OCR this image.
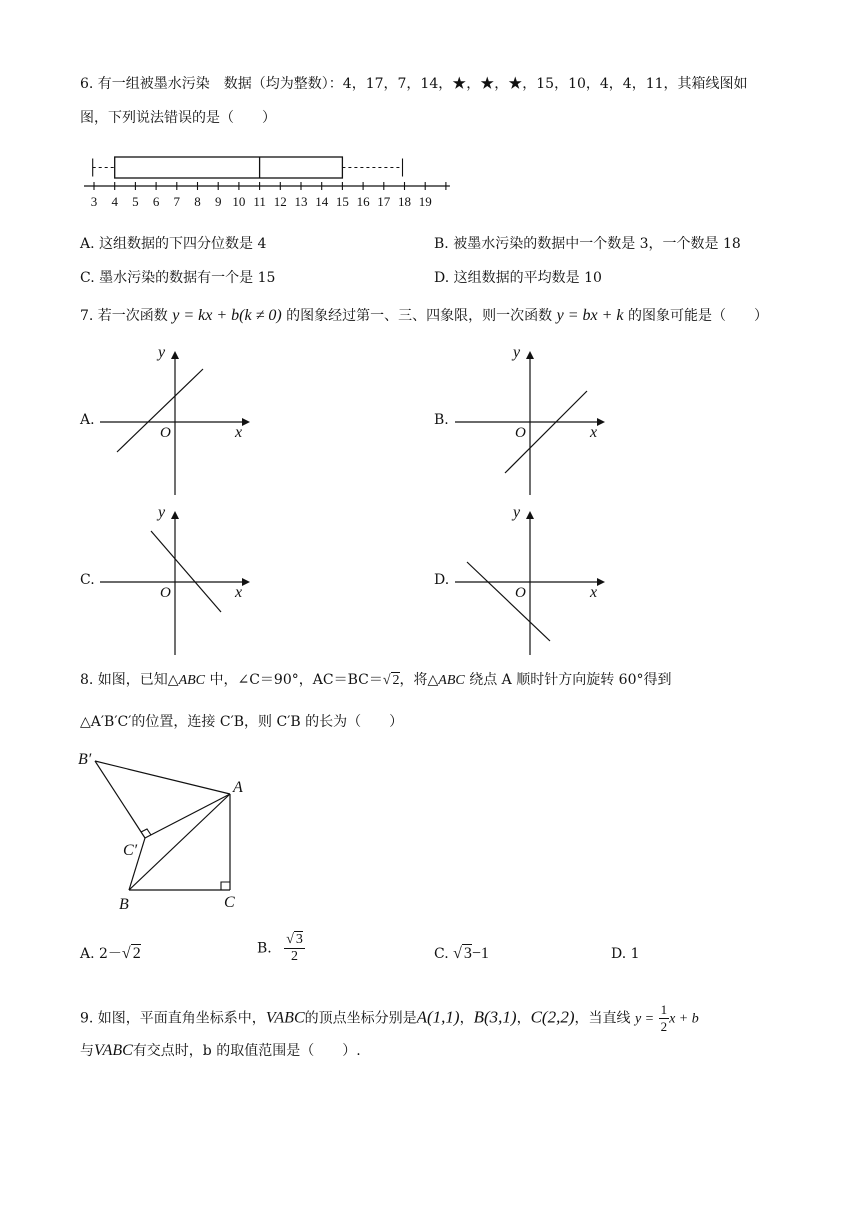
6. 有一组被墨水污染　数据（均为整数）：4，17，7，14，★，★，★，15，10，4，4，11，其箱线图如
图，下列说法错误的是（　　）
3 4 5 6 7 8 9 10 11 12 13 14 15 16 17 18 19
A. 这组数据的下四分位数是 4	B. 被墨水污染的数据中一个数是 3，一个数是 18
C. 墨水污染的数据有一个是 15	D. 这组数据的平均数是 10
7. 若一次函数 y = kx + b(k ≠ 0) 的图象经过第一、三、四象限，则一次函数 y = bx + k 的图象可能是（　　）
A.
y
x
O
B.
y
x
O
C.
y
x
O
D.
y
x
O
8. 如图，已知△ABC 中，∠C＝90°，AC＝BC＝√ 2，将△ABC 绕点 A 顺时针方向旋转 60°得到
△A′B′C′的位置，连接 C′B，则 C′B 的长为（　　）
B′
A
C′
B	C
A. 2－√ 2	B. $\frac{√ 3}{2}$	C. √ 3−1	D. 1
9. 如图，平面直角坐标系中，VABC的顶点坐标分别是A(1,1)，B(3,1)，C(2,2)，当直线 $y = \frac{1}{2}$ x + b
与VABC有交点时，b 的取值范围是（　　）.
